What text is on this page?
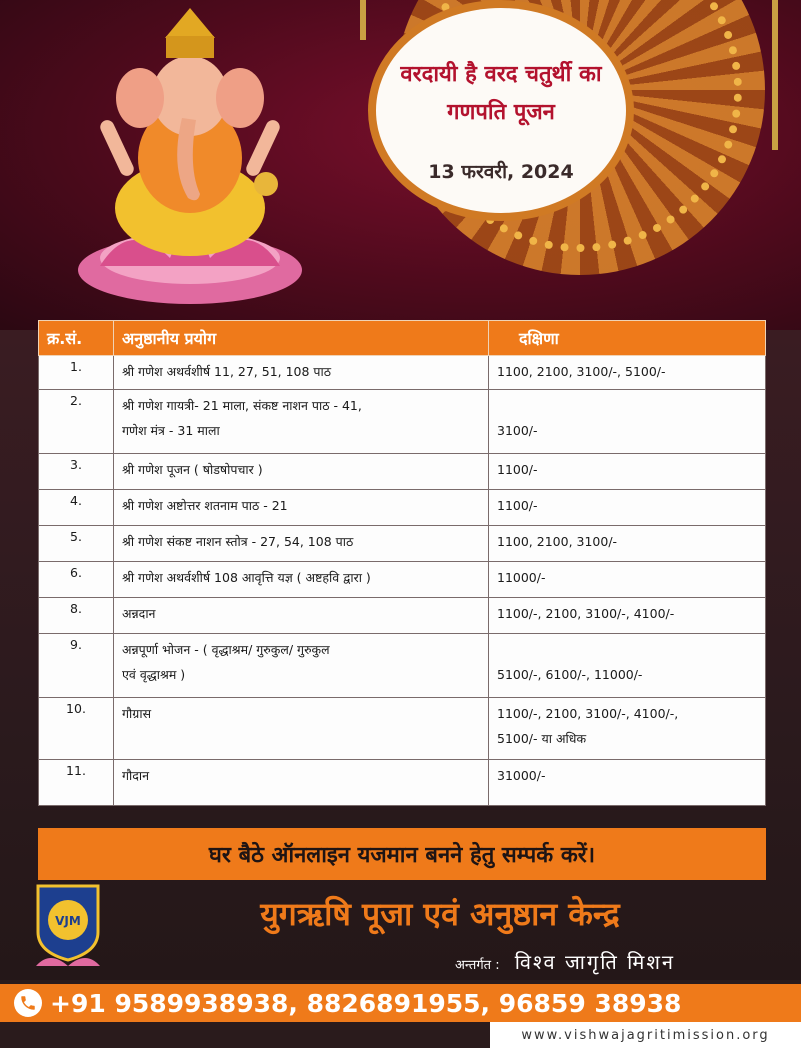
वरदायी है वरद चतुर्थी का
गणपति पूजन
13 फरवरी, 2024
क्र.सं.	अनुष्ठानीय प्रयोग	दक्षिणा
1.	श्री गणेश अथर्वशीर्ष 11, 27, 51, 108 पाठ	1100, 2100, 3100/-, 5100/-

2.	श्री गणेश गायत्री- 21 माला, संकष्ट नाशन पाठ - 41,
गणेश मंत्र - 31 माला	3100/-

3.	श्री गणेश पूजन ( षोडषोपचार )	1100/-

4.	श्री गणेश अष्टोत्तर शतनाम पाठ - 21	1100/-

5.	श्री गणेश संकष्ट नाशन स्तोत्र - 27, 54, 108 पाठ	1100, 2100, 3100/-

6.	श्री गणेश अथर्वशीर्ष 108 आवृत्ति यज्ञ ( अष्टहवि द्वारा )	11000/-

8.	अन्नदान	1100/-, 2100, 3100/-, 4100/-

9.	अन्नपूर्णा भोजन - ( वृद्धाश्रम/ गुरुकुल/ गुरुकुल
एवं वृद्धाश्रम )	5100/-, 6100/-, 11000/-

10.	गौग्रास	1100/-, 2100, 3100/-, 4100/-,
5100/- या अधिक

11.	गौदान	31000/-
घर बैठे ऑनलाइन यजमान बनने हेतु सम्पर्क करें।
VJM	युगऋषि पूजा एवं अनुष्ठान केन्द्र
अन्तर्गत : विश्व जागृति मिशन
+91 9589938938, 8826891955, 96859 38938
www.vishwajagritimission.org
